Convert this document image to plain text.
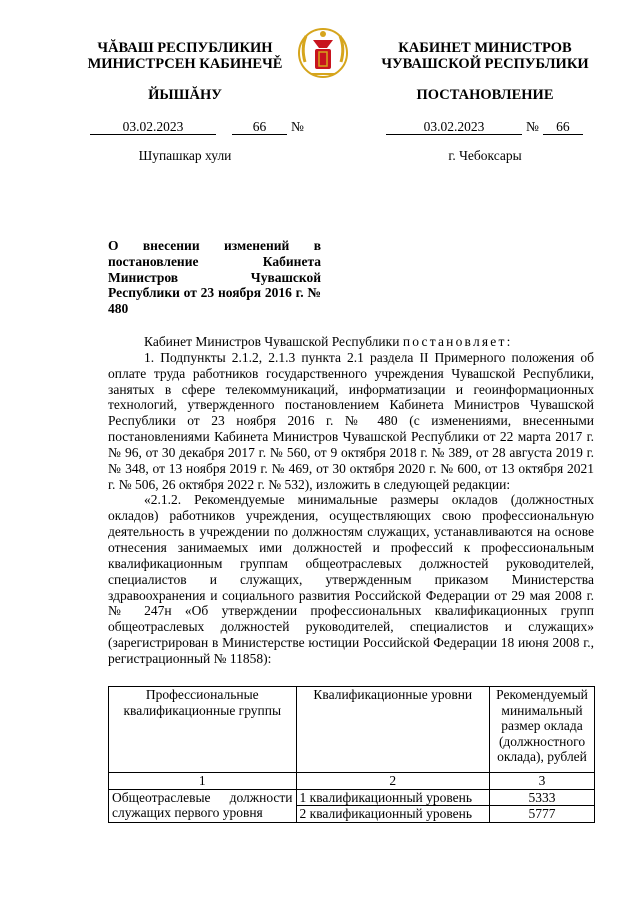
ЧĂВАШ РЕСПУБЛИКИН
МИНИСТРСЕН КАБИНЕЧĚ
ЙЫШĂНУ
КАБИНЕТ МИНИСТРОВ
ЧУВАШСКОЙ РЕСПУБЛИКИ
ПОСТАНОВЛЕНИЕ
03.02.2023	66 №	03.02.2023	№ 66
Шупашкар хули	г. Чебоксары
О внесении изменений в постановление Кабинета Министров Чувашской Республики от 23 ноября 2016 г. № 480

Кабинет Министров Чувашской Республики постановляет:

1. Подпункты 2.1.2, 2.1.3 пункта 2.1 раздела II Примерного положения об оплате труда работников государственного учреждения Чувашской Республики, занятых в сфере телекоммуникаций, информатизации и геоинформационных технологий, утвержденного постановлением Кабинета Министров Чувашской Республики от 23 ноября 2016 г. № 480 (с изменениями, внесенными постановлениями Кабинета Министров Чувашской Республики от 22 марта 2017 г. № 96, от 30 декабря 2017 г. № 560, от 9 октября 2018 г. № 389, от 28 августа 2019 г. № 348, от 13 ноября 2019 г. № 469, от 30 октября 2020 г. № 600, от 13 октября 2021 г. № 506, 26 октября 2022 г. № 532), изложить в следующей редакции:

«2.1.2. Рекомендуемые минимальные размеры окладов (должностных окладов) работников учреждения, осуществляющих свою профессиональную деятельность в учреждении по должностям служащих, устанавливаются на основе отнесения занимаемых ими должностей и профессий к профессиональным квалификационным группам общеотраслевых должностей руководителей, специалистов и служащих, утвержденным приказом Министерства здравоохранения и социального развития Российской Федерации от 29 мая 2008 г. № 247н «Об утверждении профессиональных квалификационных групп общеотраслевых должностей руководителей, специалистов и служащих» (зарегистрирован в Министерстве юстиции Российской Федерации 18 июня 2008 г., регистрационный № 11858):

Профессиональные квалификационные группы	Квалификационные уровни	Рекомендуемый минимальный размер оклада (должностного оклада), рублей
1	2	3
Общеотраслевые должности служащих первого уровня	1 квалификационный уровень	5333
	2 квалификационный уровень	5777
